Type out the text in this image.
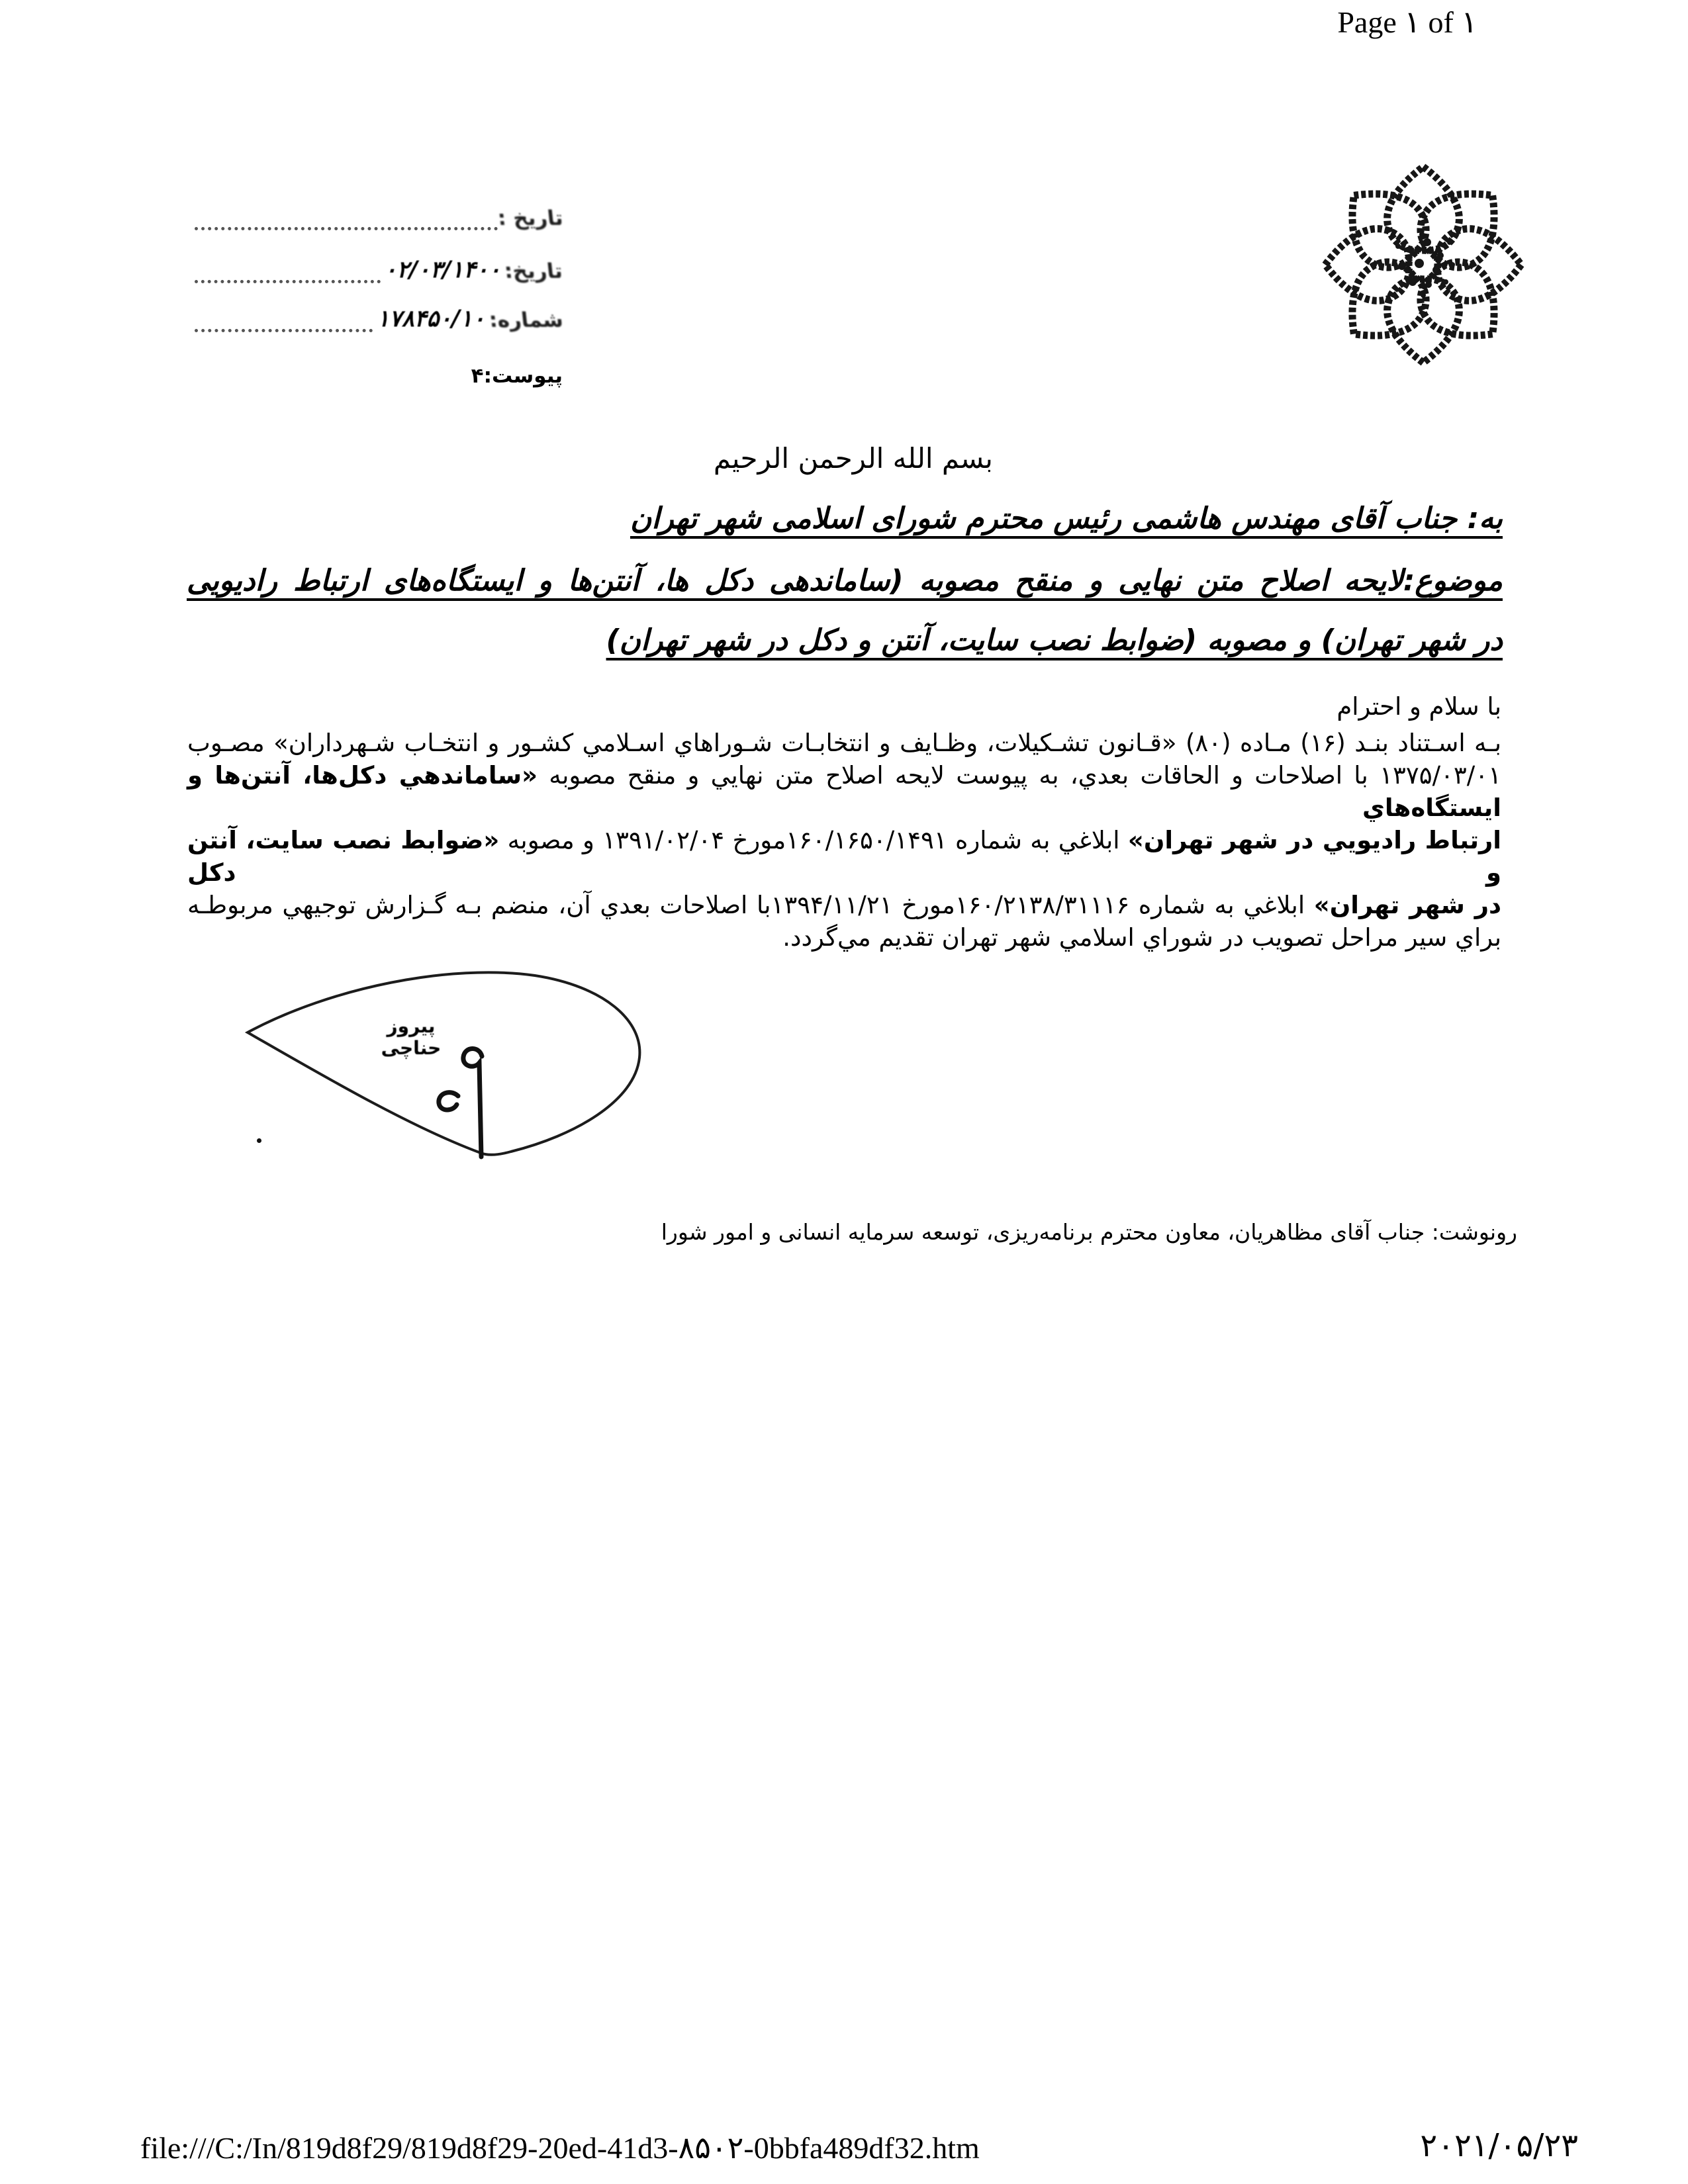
Page ۱ of ۱
تاریخ :
تاریخ:
۰۲/۰۳/۱۴۰۰
شماره:
۱۷۸۴۵۰/۱۰
پیوست:
۴
بسم الله الرحمن الرحیم
به: جناب آقای مهندس هاشمی رئیس محترم شورای اسلامی شهر تهران
موضوع:لایحه اصلاح متن نهایی و منقح مصوبه (ساماندهی دکل ها، آنتن‌ها و ایستگاه‌های ارتباط رادیویی
در شهر تهران) و مصوبه (ضوابط نصب سایت، آنتن و دکل در شهر تهران)
با سلام و احترام
بـه اسـتناد بنـد (۱۶) مـاده (۸۰) «قـانون تشـکیلات، وظـایف و انتخابـات شـوراهاي اسـلامي کشـور و انتخـاب شـهرداران» مصـوب
۱۳۷۵/۰۳/۰۱ با اصلاحات و الحاقات بعدي، به پیوست لایحه اصلاح متن نهایي و منقح مصوبه «ساماندهي دکل‌ها، آنتن‌ها و ایستگاه‌هاي
ارتباط رادیویي در شهر تهران» ابلاغي به شماره ۱۶۰/۱۶۵۰/۱۴۹۱مورخ ۱۳۹۱/۰۲/۰۴ و مصوبه «ضوابط نصب سایت، آنتن و دکل
در شهر تهران» ابلاغي به شماره ۱۶۰/۲۱۳۸/۳۱۱۱۶مورخ ۱۳۹۴/۱۱/۲۱با اصلاحات بعدي آن، منضم بـه گـزارش توجیهي مربوطـه
براي سیر مراحل تصویب در شوراي اسلامي شهر تهران تقدیم مي‌گردد.
پیروز حناچی
رونوشت: جناب آقای مظاهریان، معاون محترم برنامه‌ریزی، توسعه سرمایه انسانی و امور شورا
file:///C:/In/819d8f29/819d8f29-20ed-41d3-۸۵۰۲-0bbfa489df32.htm	۲۰۲۱/۰۵/۲۳
